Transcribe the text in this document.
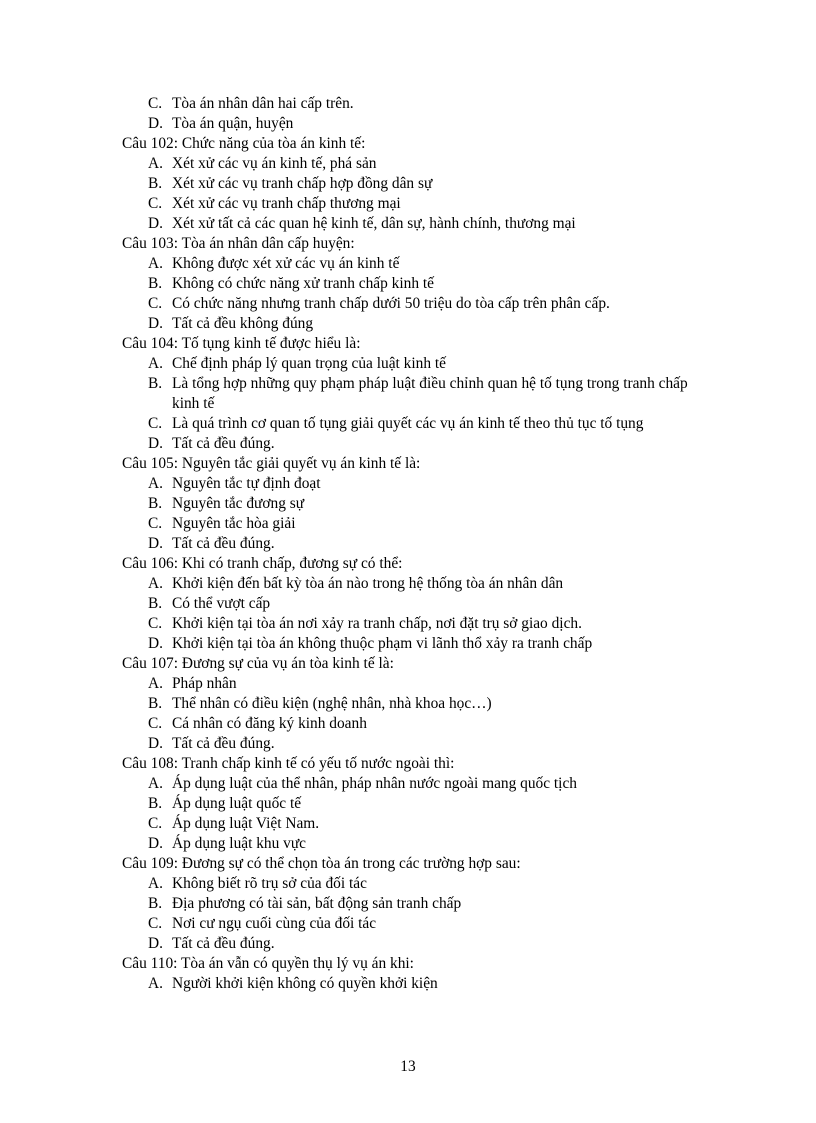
C. Tòa án nhân dân hai cấp trên.
D. Tòa án quận, huyện
Câu 102: Chức năng của tòa án kinh tế:
A. Xét xử các vụ án kinh tế, phá sản
B. Xét xử các vụ tranh chấp hợp đồng dân sự
C. Xét xử các vụ tranh chấp thương mại
D. Xét xử tất cả các quan hệ kinh tế, dân sự, hành chính, thương mại
Câu 103: Tòa án nhân dân cấp huyện:
A. Không được xét xử các vụ án kinh tế
B. Không có chức năng xử tranh chấp kinh tế
C. Có chức năng nhưng tranh chấp dưới 50 triệu do tòa cấp trên phân cấp.
D. Tất cả đều không đúng
Câu 104: Tố tụng kinh tế được hiểu là:
A. Chế định pháp lý quan trọng của luật kinh tế
B. Là tổng hợp những quy phạm pháp luật điều chỉnh quan hệ tố tụng trong tranh chấp kinh tế
C. Là quá trình cơ quan tố tụng giải quyết các vụ án kinh tế theo thủ tục tố tụng
D. Tất cả đều đúng.
Câu 105: Nguyên tắc giải quyết vụ án kinh tế là:
A. Nguyên tắc tự định đoạt
B. Nguyên tắc đương sự
C. Nguyên tắc hòa giải
D. Tất cả đều đúng.
Câu 106: Khi có tranh chấp, đương sự có thể:
A. Khởi kiện đến bất kỳ tòa án nào trong hệ thống tòa án nhân dân
B. Có thể vượt cấp
C. Khởi kiện tại tòa án nơi xảy ra tranh chấp, nơi đặt trụ sở giao dịch.
D. Khởi kiện tại tòa án không thuộc phạm vi lãnh thổ xảy ra tranh chấp
Câu 107: Đương sự của vụ án tòa kinh tế là:
A. Pháp nhân
B. Thể nhân có điều kiện (nghệ nhân, nhà khoa học…)
C. Cá nhân có đăng ký kinh doanh
D. Tất cả đều đúng.
Câu 108: Tranh chấp kinh tế có yếu tố nước ngoài thì:
A. Áp dụng luật của thể nhân, pháp nhân nước ngoài mang quốc tịch
B. Áp dụng luật quốc tế
C. Áp dụng luật Việt Nam.
D. Áp dụng luật khu vực
Câu 109: Đương sự có thể chọn tòa án trong các trường hợp sau:
A. Không biết rõ trụ sở của đối tác
B. Địa phương có tài sản, bất động sản tranh chấp
C. Nơi cư ngụ cuối cùng của đối tác
D. Tất cả đều đúng.
Câu 110: Tòa án vẫn có quyền thụ lý vụ án khi:
A. Người khởi kiện không có quyền khởi kiện
13
